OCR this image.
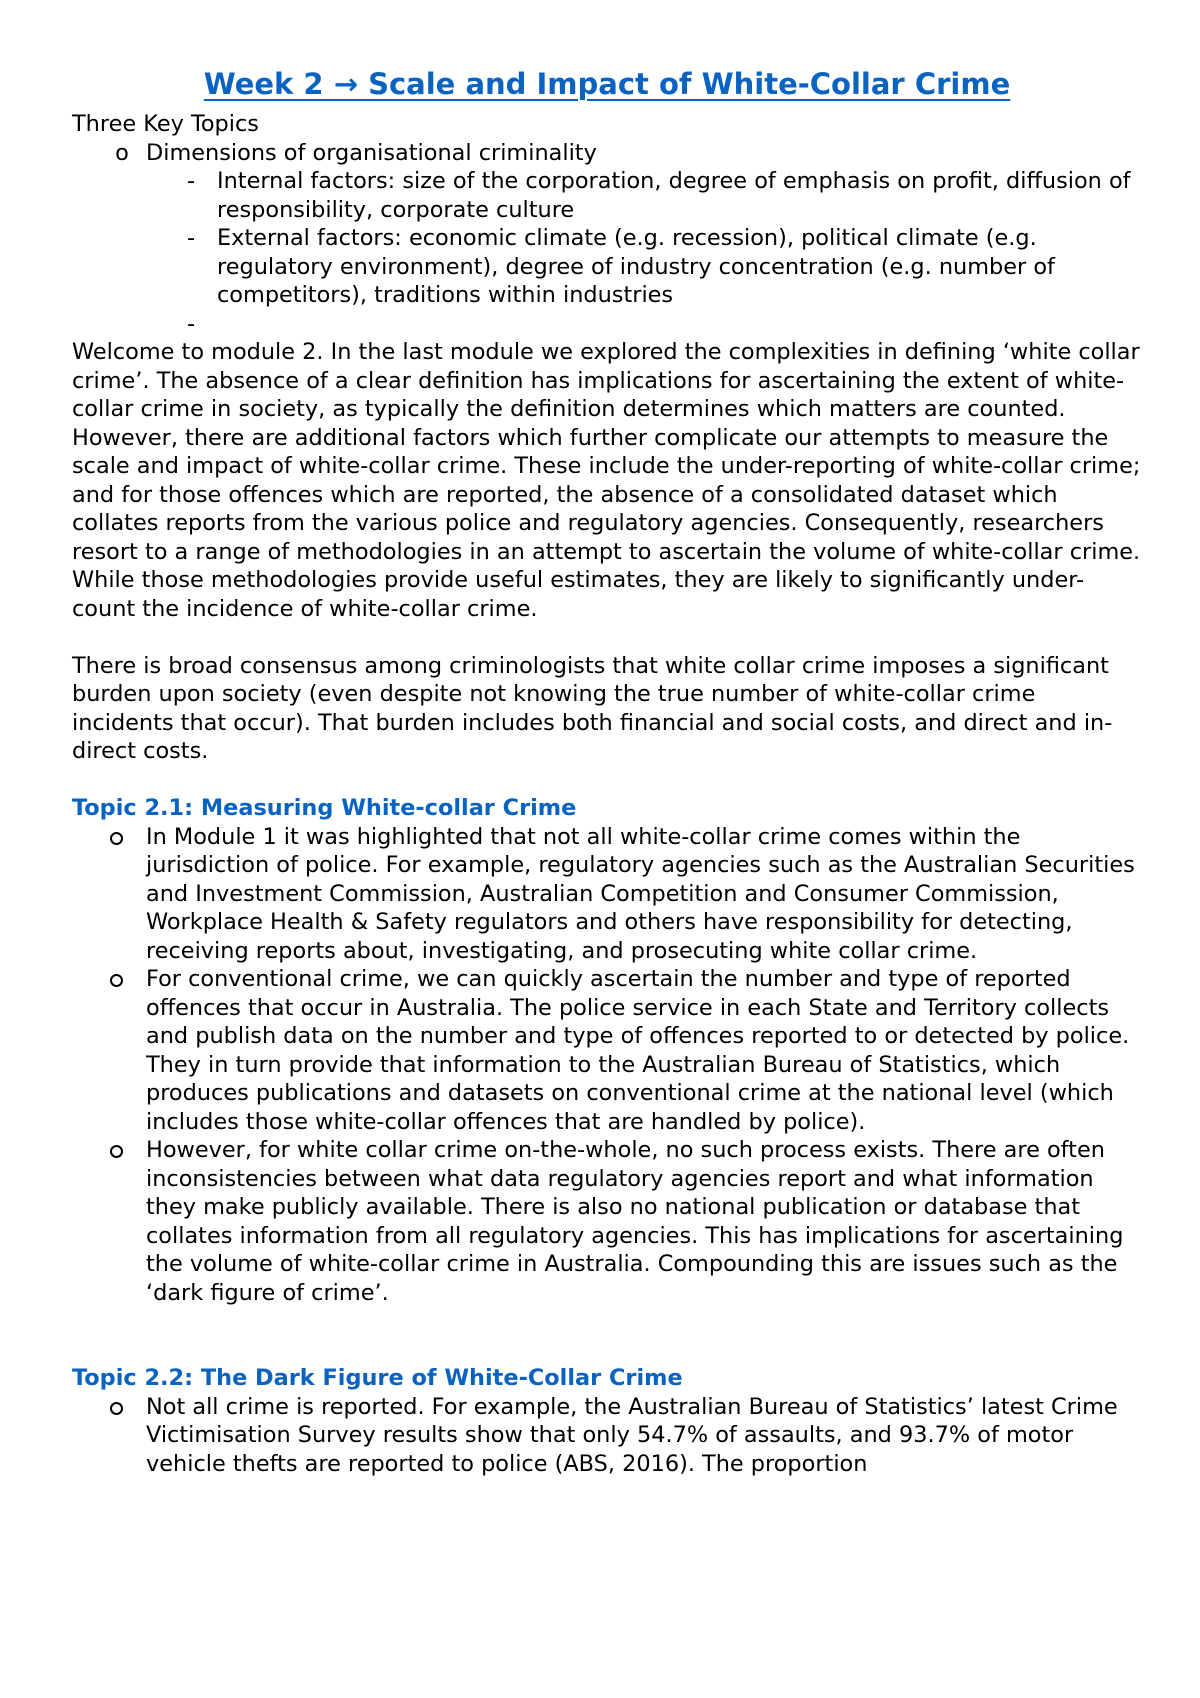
Week 2 → Scale and Impact of White-Collar Crime
Three Key Topics
o Dimensions of organisational criminality
- Internal factors: size of the corporation, degree of emphasis on profit, diffusion of responsibility, corporate culture
- External factors: economic climate (e.g. recession), political climate (e.g. regulatory environment), degree of industry concentration (e.g. number of competitors), traditions within industries
-

Welcome to module 2. In the last module we explored the complexities in defining ‘white collar crime’. The absence of a clear definition has implications for ascertaining the extent of white-collar crime in society, as typically the definition determines which matters are counted. However, there are additional factors which further complicate our attempts to measure the scale and impact of white-collar crime. These include the under-reporting of white-collar crime; and for those offences which are reported, the absence of a consolidated dataset which collates reports from the various police and regulatory agencies. Consequently, researchers resort to a range of methodologies in an attempt to ascertain the volume of white-collar crime. While those methodologies provide useful estimates, they are likely to significantly under-count the incidence of white-collar crime.

There is broad consensus among criminologists that white collar crime imposes a significant burden upon society (even despite not knowing the true number of white-collar crime incidents that occur). That burden includes both financial and social costs, and direct and in-direct costs.

Topic 2.1: Measuring White-collar Crime
In Module 1 it was highlighted that not all white-collar crime comes within the jurisdiction of police. For example, regulatory agencies such as the Australian Securities and Investment Commission, Australian Competition and Consumer Commission, Workplace Health & Safety regulators and others have responsibility for detecting, receiving reports about, investigating, and prosecuting white collar crime.
For conventional crime, we can quickly ascertain the number and type of reported offences that occur in Australia. The police service in each State and Territory collects and publish data on the number and type of offences reported to or detected by police. They in turn provide that information to the Australian Bureau of Statistics, which produces publications and datasets on conventional crime at the national level (which includes those white-collar offences that are handled by police).
However, for white collar crime on-the-whole, no such process exists. There are often inconsistencies between what data regulatory agencies report and what information they make publicly available. There is also no national publication or database that collates information from all regulatory agencies. This has implications for ascertaining the volume of white-collar crime in Australia. Compounding this are issues such as the ‘dark figure of crime’.
Topic 2.2: The Dark Figure of White-Collar Crime
Not all crime is reported. For example, the Australian Bureau of Statistics’ latest Crime Victimisation Survey results show that only 54.7% of assaults, and 93.7% of motor vehicle thefts are reported to police (ABS, 2016). The proportion
